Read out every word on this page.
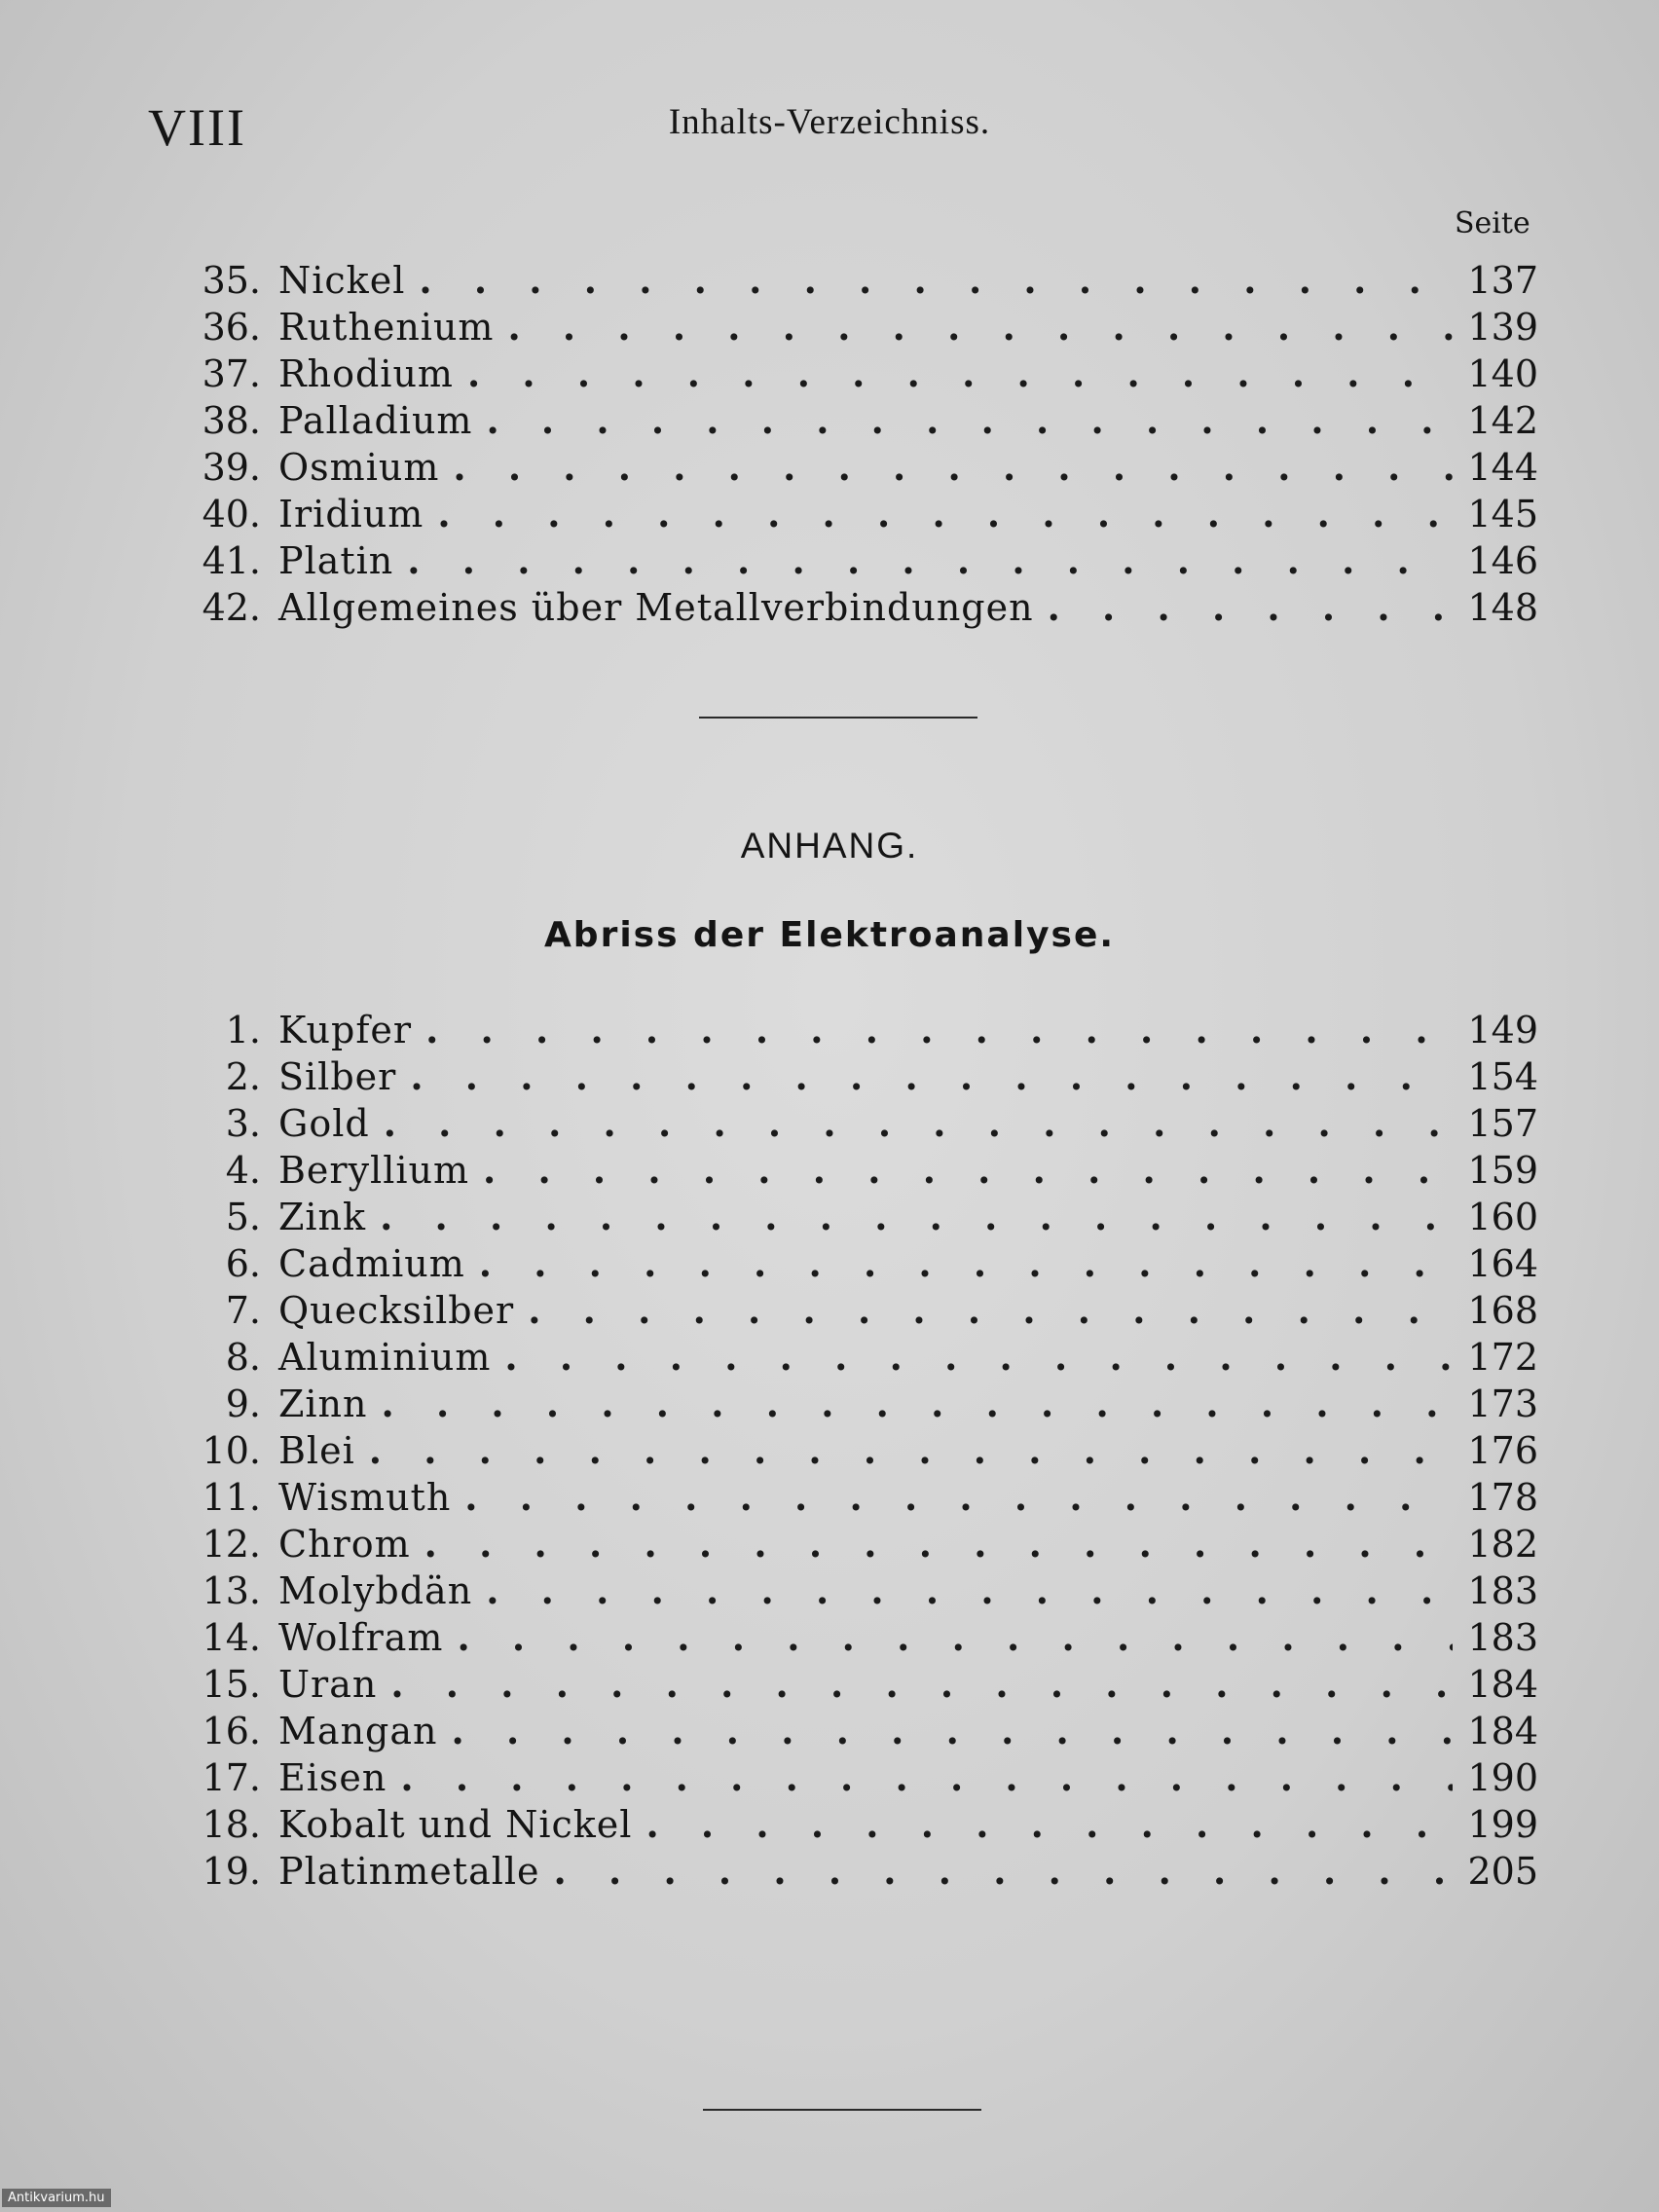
VIII	Inhalts-Verzeichniss.
Seite
35. Nickel . . .	137
36. Ruthenium . . .	139
37. Rhodium . . .	140
38. Palladium . . .	142
39. Osmium . . .	144
40. Iridium . . .	145
41. Platin . . .	146
42. Allgemeines über Metallverbindungen . . .	148
ANHANG.
Abriss der Elektroanalyse.
1. Kupfer . . .	149
2. Silber . . .	154
3. Gold . . .	157
4. Beryllium . . .	159
5. Zink . . .	160
6. Cadmium . . .	164
7. Quecksilber . . .	168
8. Aluminium . . .	172
9. Zinn . . .	173
10. Blei . . .	176
11. Wismuth . . .	178
12. Chrom . . .	182
13. Molybdän . . .	183
14. Wolfram . . .	183
15. Uran . . .	184
16. Mangan . . .	184
17. Eisen . . .	190
18. Kobalt und Nickel . . .	199
19. Platinmetalle . . .	205
Antikvarium.hu
